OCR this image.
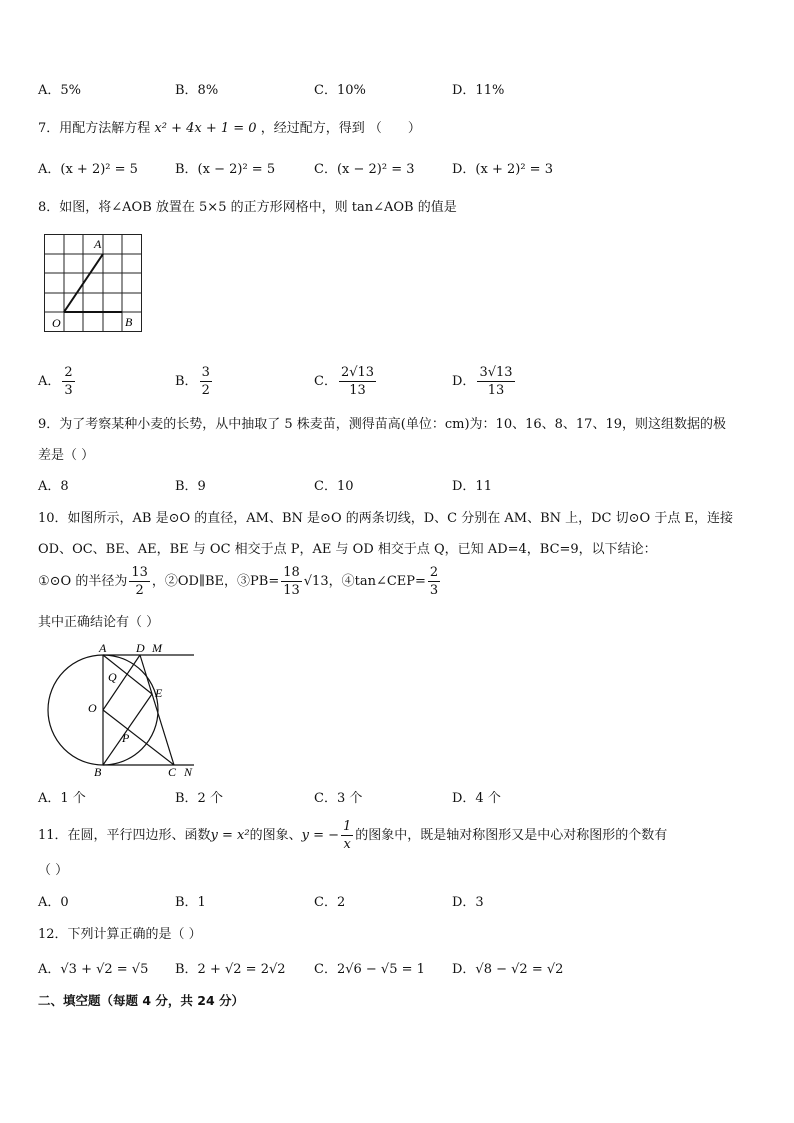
A．5%	B．8%	C．10%	D．11%
7．用配方法解方程 x² + 4x + 1 = 0 ，经过配方，得到 （　　）
A．(x + 2)² = 5	B．(x − 2)² = 5	C．(x − 2)² = 3	D．(x + 2)² = 3
8．如图，将∠AOB 放置在 5×5 的正方形网格中，则 tan∠AOB 的值是
A
O	B
A． $\frac{2}{3}$	B． $\frac{3}{2}$	C． $\frac{2√13}{13}$	D． $\frac{3√13}{13}$
9．为了考察某种小麦的长势，从中抽取了 5 株麦苗，测得苗高(单位：cm)为：10、16、8、17、19，则这组数据的极
差是（ ）
A．8	B．9	C．10	D．11
10．如图所示，AB 是⊙O 的直径，AM、BN 是⊙O 的两条切线，D、C 分别在 AM、BN 上，DC 切⊙O 于点 E，连接
OD、OC、BE、AE，BE 与 OC 相交于点 P，AE 与 OD 相交于点 Q，已知 AD=4，BC=9，以下结论：
①⊙O 的半径为 $\frac{13}{2}$ ，②OD∥BE，③PB= $\frac{18}{13} √13$，④tan∠CEP= $\frac{2}{3}$
其中正确结论有（ ）
A D M
Q
E
O
P
B	C N
A．1 个	B．2 个	C．3 个	D．4 个
11．在圆，平行四边形、函数y = x²的图象、y = − $\frac{1}{x}$ 的图象中，既是轴对称图形又是中心对称图形的个数有
（ ）
A．0	B．1	C．2	D．3
12．下列计算正确的是（ ）
A．√3 + √2 = √5 B．2 + √2 = 2√2 C．2√6 − √5 = 1 D．√8 − √2 = √2
二、填空题（每题 4 分，共 24 分）
